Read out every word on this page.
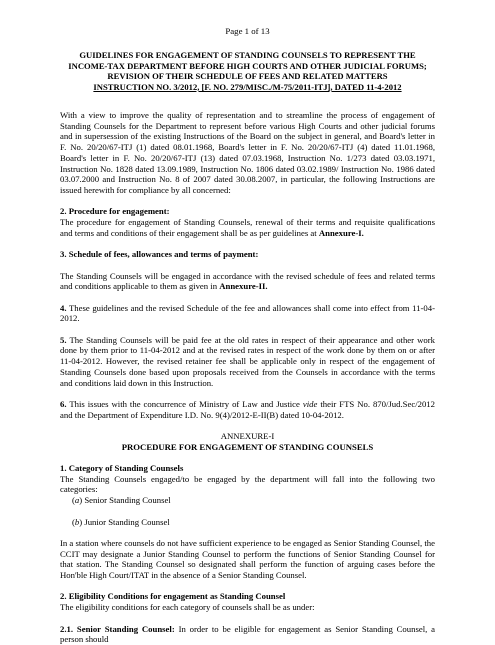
Page 1 of 13
GUIDELINES FOR ENGAGEMENT OF STANDING COUNSELS TO REPRESENT THE
INCOME-TAX DEPARTMENT BEFORE HIGH COURTS AND OTHER JUDICIAL FORUMS;
REVISION OF THEIR SCHEDULE OF FEES AND RELATED MATTERS
INSTRUCTION NO. 3/2012, [F. NO. 279/MISC./M-75/2011-ITJ], DATED 11-4-2012

With a view to improve the quality of representation and to streamline the process of engagement of Standing Counsels for the Department to represent before various High Courts and other judicial forums and in supersession of the existing Instructions of the Board on the subject in general, and Board's letter in F. No. 20/20/67-ITJ (1) dated 08.01.1968, Board's letter in F. No. 20/20/67-ITJ (4) dated 11.01.1968, Board's letter in F. No. 20/20/67-ITJ (13) dated 07.03.1968, Instruction No. 1/273 dated 03.03.1971, Instruction No. 1828 dated 13.09.1989, Instruction No. 1806 dated 03.02.1989/ Instruction No. 1986 dated 03.07.2000 and Instruction No. 8 of 2007 dated 30.08.2007, in particular, the following Instructions are issued herewith for compliance by all concerned:

2. Procedure for engagement:

The procedure for engagement of Standing Counsels, renewal of their terms and requisite qualifications and terms and conditions of their engagement shall be as per guidelines at Annexure-I.

3. Schedule of fees, allowances and terms of payment:

The Standing Counsels will be engaged in accordance with the revised schedule of fees and related terms and conditions applicable to them as given in Annexure-II.

4. These guidelines and the revised Schedule of the fee and allowances shall come into effect from 11-04-2012.

5. The Standing Counsels will be paid fee at the old rates in respect of their appearance and other work done by them prior to 11-04-2012 and at the revised rates in respect of the work done by them on or after 11-04-2012. However, the revised retainer fee shall be applicable only in respect of the engagement of Standing Counsels done based upon proposals received from the Counsels in accordance with the terms and conditions laid down in this Instruction.

6. This issues with the concurrence of Ministry of Law and Justice vide their FTS No. 870/Jud.Sec/2012 and the Department of Expenditure I.D. No. 9(4)/2012-E-II(B) dated 10-04-2012.

ANNEXURE-I

PROCEDURE FOR ENGAGEMENT OF STANDING COUNSELS

1. Category of Standing Counsels

The Standing Counsels engaged/to be engaged by the department will fall into the following two categories:

(a) Senior Standing Counsel

(b) Junior Standing Counsel

In a station where counsels do not have sufficient experience to be engaged as Senior Standing Counsel, the CCIT may designate a Junior Standing Counsel to perform the functions of Senior Standing Counsel for that station. The Standing Counsel so designated shall perform the function of arguing cases before the Hon'ble High Court/ITAT in the absence of a Senior Standing Counsel.

2. Eligibility Conditions for engagement as Standing Counsel

The eligibility conditions for each category of counsels shall be as under:

2.1. Senior Standing Counsel: In order to be eligible for engagement as Senior Standing Counsel, a person should
